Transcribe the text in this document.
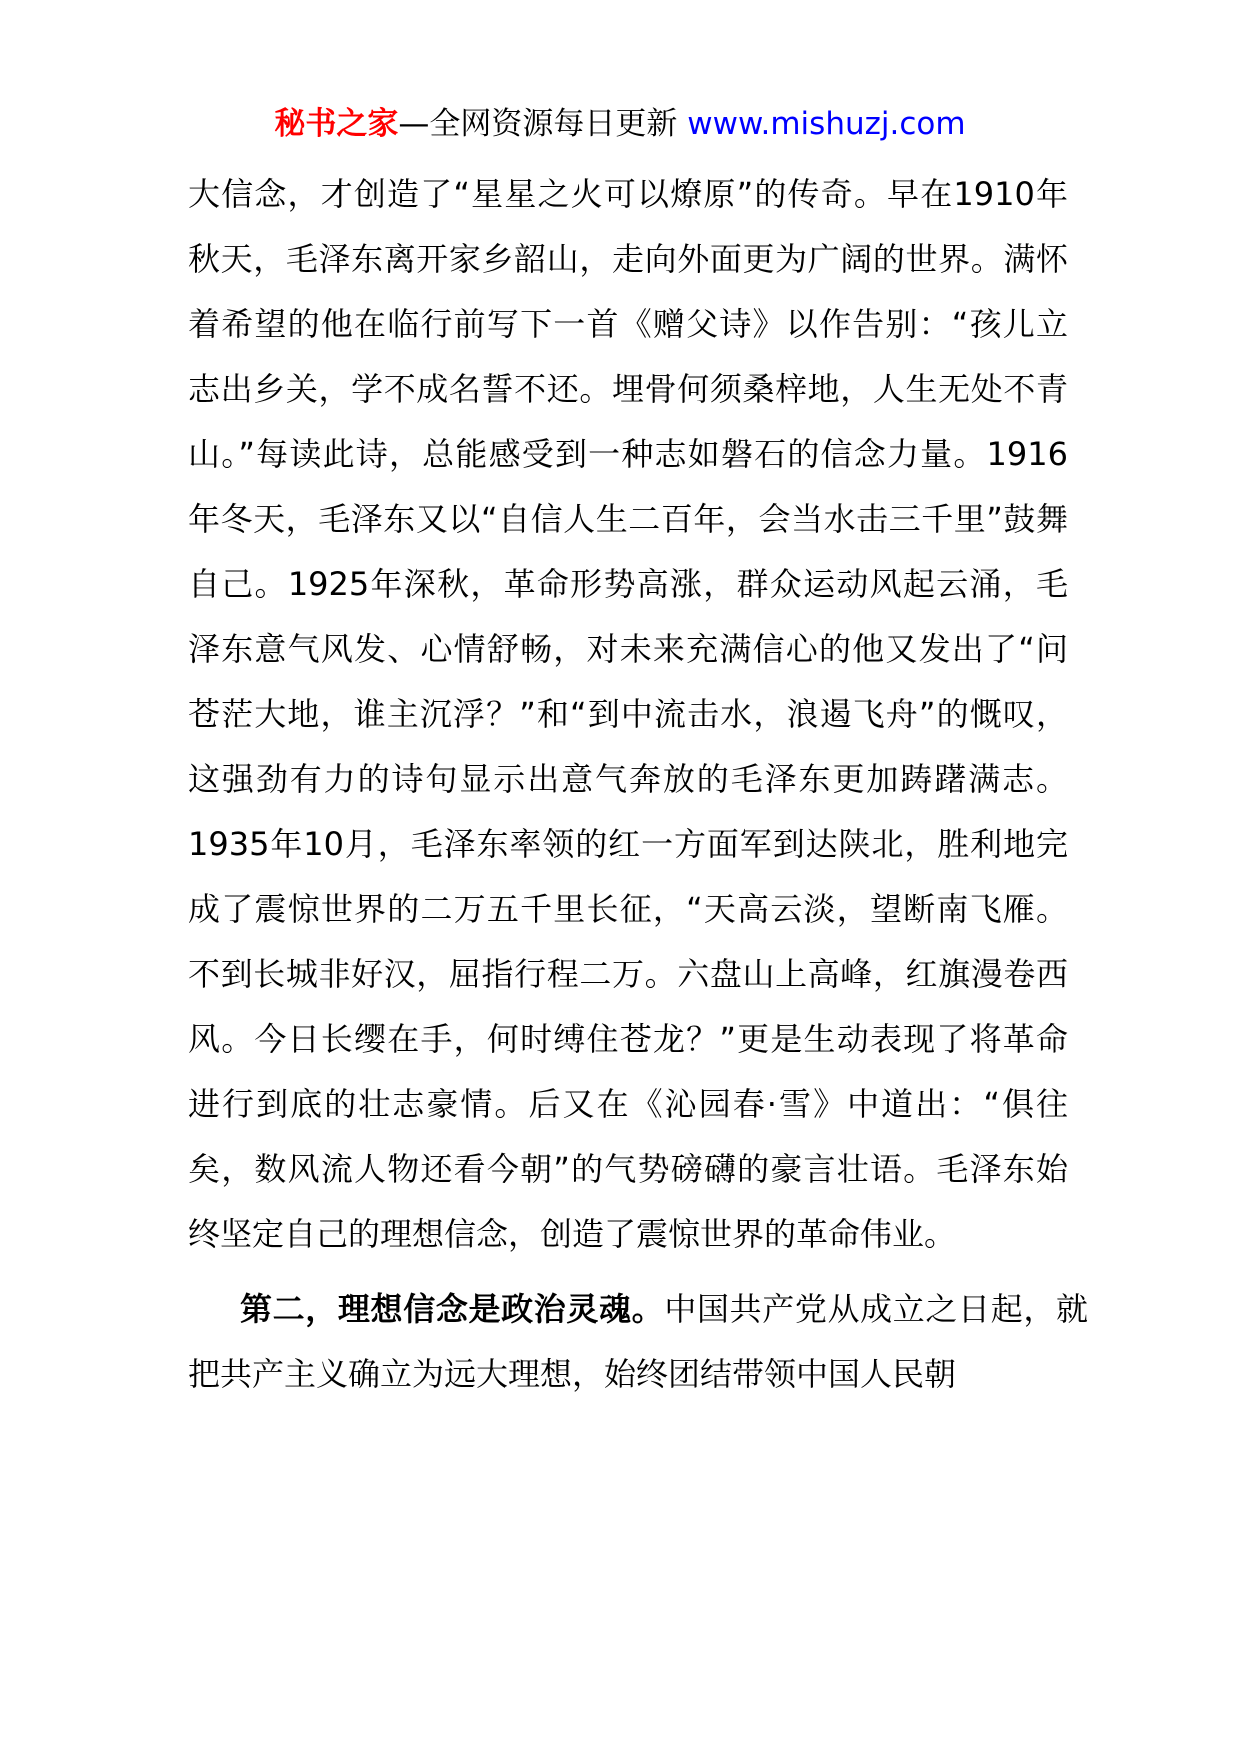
秘书之家—全网资源每日更新 www.mishuzj.com

大信念，才创造了“星星之火可以燎原”的传奇。早在1910年秋天，毛泽东离开家乡韶山，走向外面更为广阔的世界。满怀着希望的他在临行前写下一首《赠父诗》以作告别：“孩儿立志出乡关，学不成名誓不还。埋骨何须桑梓地，人生无处不青山。”每读此诗，总能感受到一种志如磐石的信念力量。1916年冬天，毛泽东又以“自信人生二百年，会当水击三千里”鼓舞自己。1925年深秋，革命形势高涨，群众运动风起云涌，毛泽东意气风发、心情舒畅，对未来充满信心的他又发出了“问苍茫大地，谁主沉浮？”和“到中流击水，浪遏飞舟”的慨叹，这强劲有力的诗句显示出意气奔放的毛泽东更加踌躇满志。1935年10月，毛泽东率领的红一方面军到达陕北，胜利地完成了震惊世界的二万五千里长征，“天高云淡，望断南飞雁。不到长城非好汉，屈指行程二万。六盘山上高峰，红旗漫卷西风。今日长缨在手，何时缚住苍龙？”更是生动表现了将革命进行到底的壮志豪情。后又在《沁园春·雪》中道出：“俱往矣，数风流人物还看今朝”的气势磅礴的豪言壮语。毛泽东始终坚定自己的理想信念，创造了震惊世界的革命伟业。

第二，理想信念是政治灵魂。中国共产党从成立之日起，就把共产主义确立为远大理想，始终团结带领中国人民朝
